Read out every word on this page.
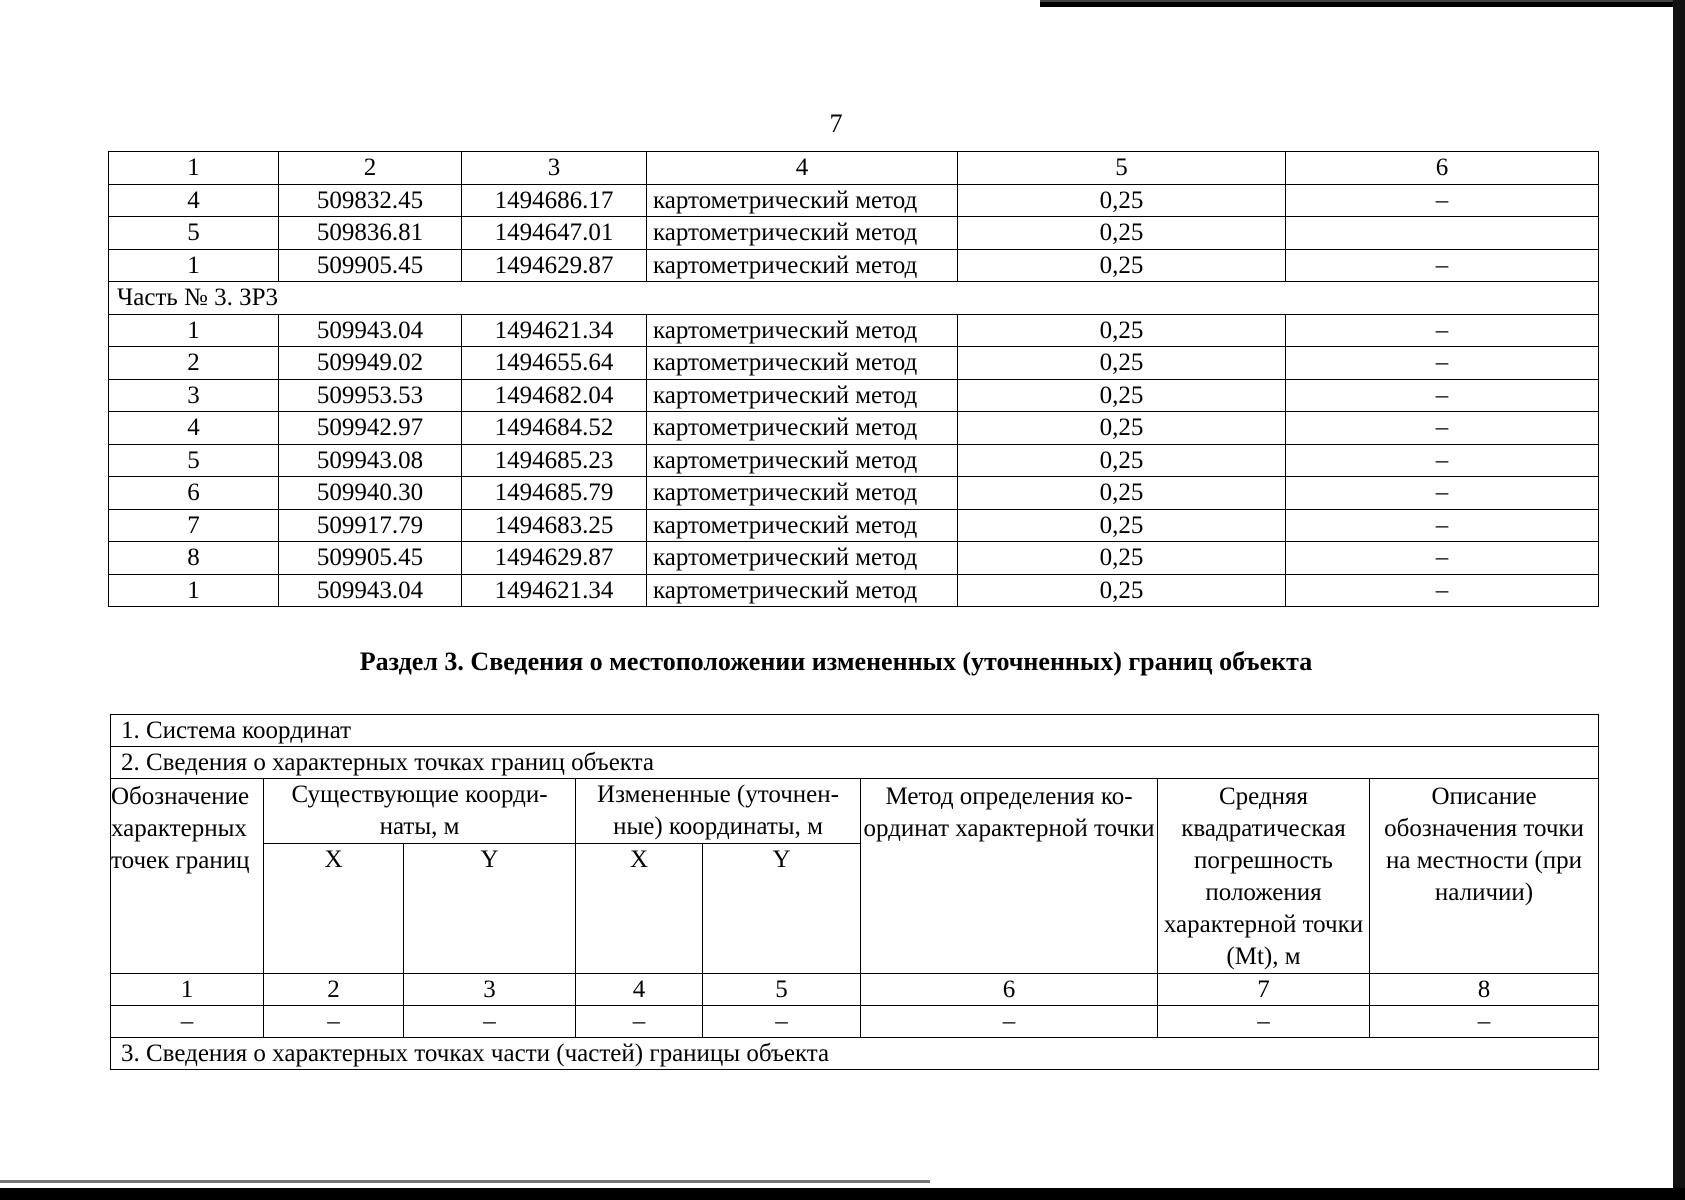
7
1	2	3	4	5	6
4	509832.45	1494686.17	картометрический метод	0,25	–
5	509836.81	1494647.01	картометрический метод	0,25	
1	509905.45	1494629.87	картометрический метод	0,25	–
Часть № 3. ЗР3					
1	509943.04	1494621.34	картометрический метод	0,25	–
2	509949.02	1494655.64	картометрический метод	0,25	–
3	509953.53	1494682.04	картометрический метод	0,25	–
4	509942.97	1494684.52	картометрический метод	0,25	–
5	509943.08	1494685.23	картометрический метод	0,25	–
6	509940.30	1494685.79	картометрический метод	0,25	–
7	509917.79	1494683.25	картометрический метод	0,25	–
8	509905.45	1494629.87	картометрический метод	0,25	–
1	509943.04	1494621.34	картометрический метод	0,25	–
Раздел 3. Сведения о местоположении измененных (уточненных) границ объекта
1. Система координат							
2. Сведения о характерных точках границ объекта							
Обозначение характерных точек границ	Существующие коорди- наты, м		Измененные (уточнен- ные) координаты, м		Метод определения ко- ординат характерной точки	Средняя квадратическая погрешность положения характерной точки (Mt), м	Описание обозначения точки на местности (при наличии)
	X	Y	X	Y			
1	2	3	4	5	6	7	8
–	–	–	–	–	–	–	–
3. Сведения о характерных точках части (частей) границы объекта							
